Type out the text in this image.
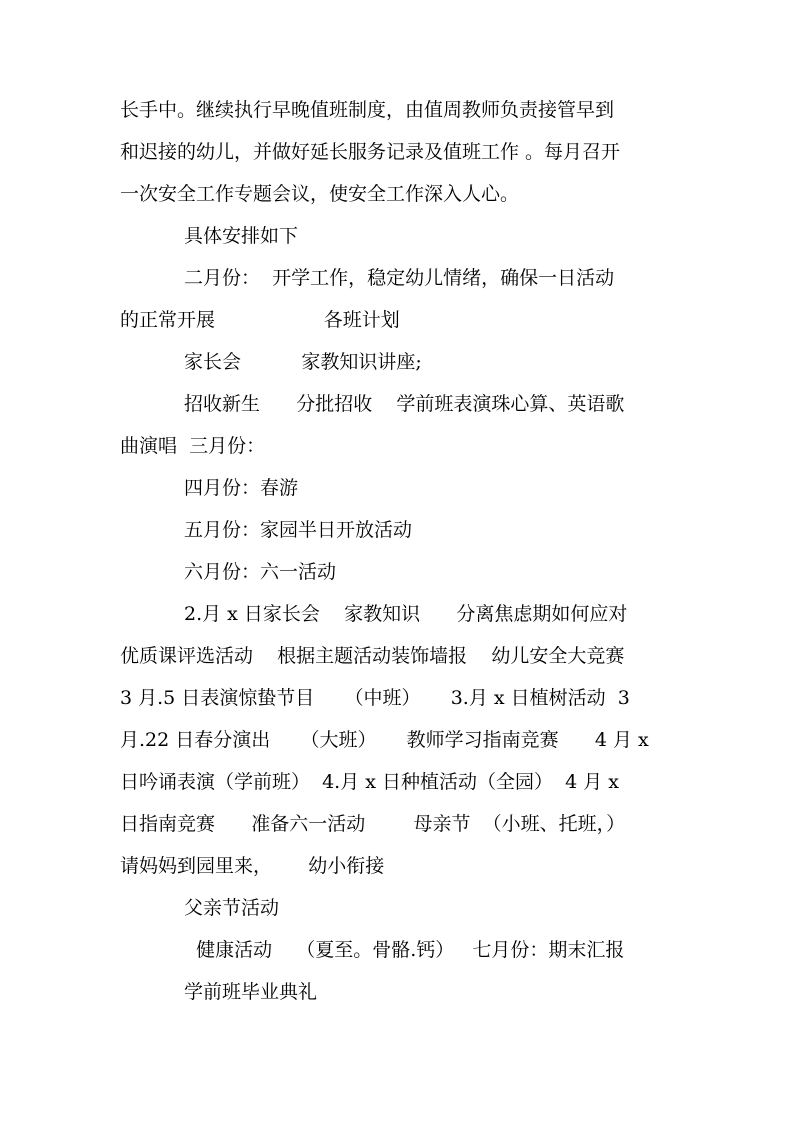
长手中。继续执行早晚值班制度，由值周教师负责接管早到
和迟接的幼儿，并做好延长服务记录及值班工作 。每月召开
一次安全工作专题会议，使安全工作深入人心。
具体安排如下
二月份：  开学工作，稳定幼儿情绪，确保一日活动
的正常开展                  各班计划
家长会          家教知识讲座;
招收新生      分批招收    学前班表演珠心算、英语歌
曲演唱  三月份：
四月份：春游
五月份：家园半日开放活动
六月份：六一活动
2.月 x 日家长会    家教知识      分离焦虑期如何应对
优质课评选活动    根据主题活动装饰墙报    幼儿安全大竞赛
3 月.5 日表演惊蛰节目     （中班）     3.月 x 日植树活动  3
月.22 日春分演出     （大班）     教师学习指南竞赛      4 月 x
日吟诵表演（学前班）  4.月 x 日种植活动（全园）  4 月 x
日指南竞赛      准备六一活动        母亲节  （小班、托班，）
请妈妈到园里来，      幼小衔接
父亲节活动
健康活动    （夏至。骨骼.钙）   七月份：期末汇报
学前班毕业典礼
